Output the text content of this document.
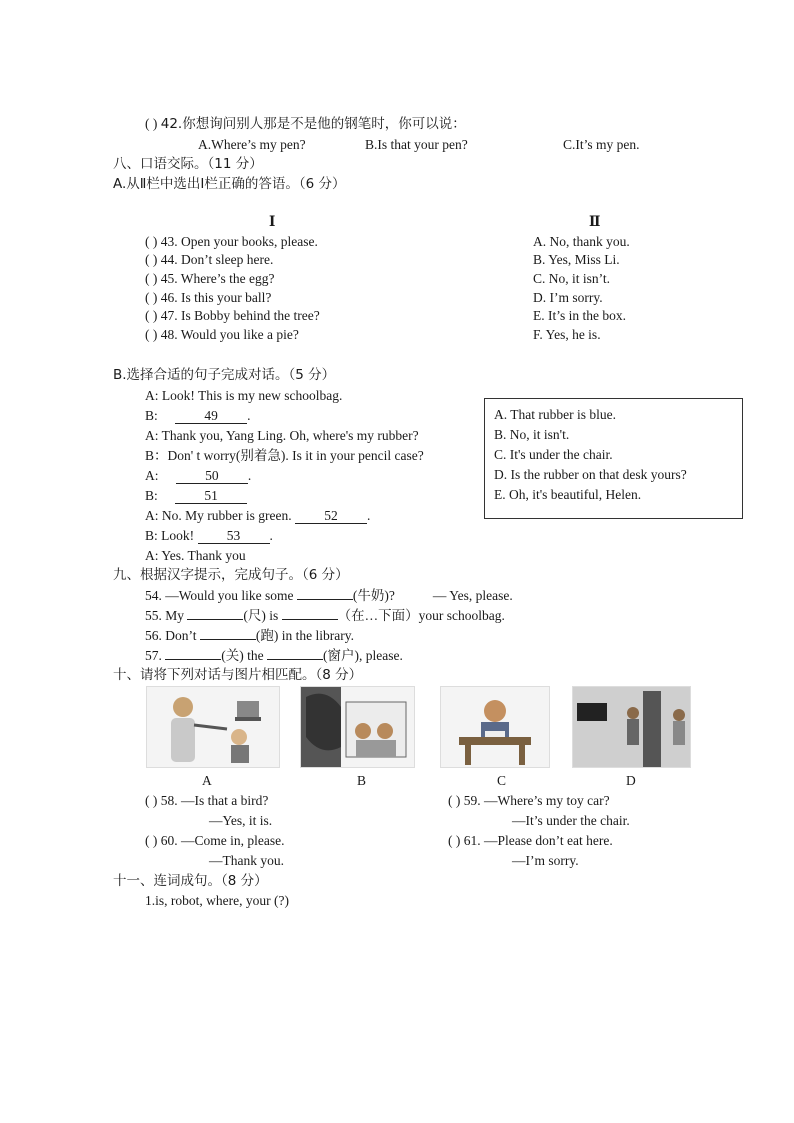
( ) 42.你想询问别人那是不是他的钢笔时，你可以说：
A.Where’s my pen?	B.Is that your pen?	C.It’s my pen.
八、口语交际。（11 分）
A.从Ⅱ栏中选出Ⅰ栏正确的答语。（6 分）
Ⅰ	Ⅱ
( ) 43. Open your books, please.	A. No, thank you.
( ) 44. Don’t sleep here.	B. Yes, Miss Li.
( ) 45. Where’s the egg?	C. No, it isn’t.
( ) 46. Is this your ball?	D. I’m sorry.
( ) 47. Is Bobby behind the tree?	E. It’s in the box.
( ) 48. Would you like a pie?	F. Yes, he is.
B.选择合适的句子完成对话。（5 分）
A: Look! This is my new schoolbag.
B:	49 .
A: Thank you, Yang Ling. Oh, where's my rubber?
B：Don' t worry(别着急). Is it in your pencil case?
A:	50 .
B:	51
A: No. My rubber is green. 52 .
B: Look! 53 .
A: Yes. Thank you
A. That rubber is blue.
B. No, it isn't.
C. It's under the chair.
D. Is the rubber on that desk yours?
E. Oh, it's beautiful, Helen.
九、根据汉字提示，完成句子。（6 分）
54. —Would you like some	(牛奶)?	— Yes, please.
55. My	(尺) is	（在…下面）your schoolbag.
56. Don’t	(跑) in the library.
57.	(关) the	(窗户), please.
十、请将下列对话与图片相匹配。（8 分）
A	B	C	D
( ) 58. —Is that a bird?
—Yes, it is.
( ) 59. —Where’s my toy car?
—It’s under the chair.
( ) 60. —Come in, please.
—Thank you.
( ) 61. —Please don’t eat here.
—I’m sorry.
十一、连词成句。（8 分）
1.is, robot, where, your (?)
